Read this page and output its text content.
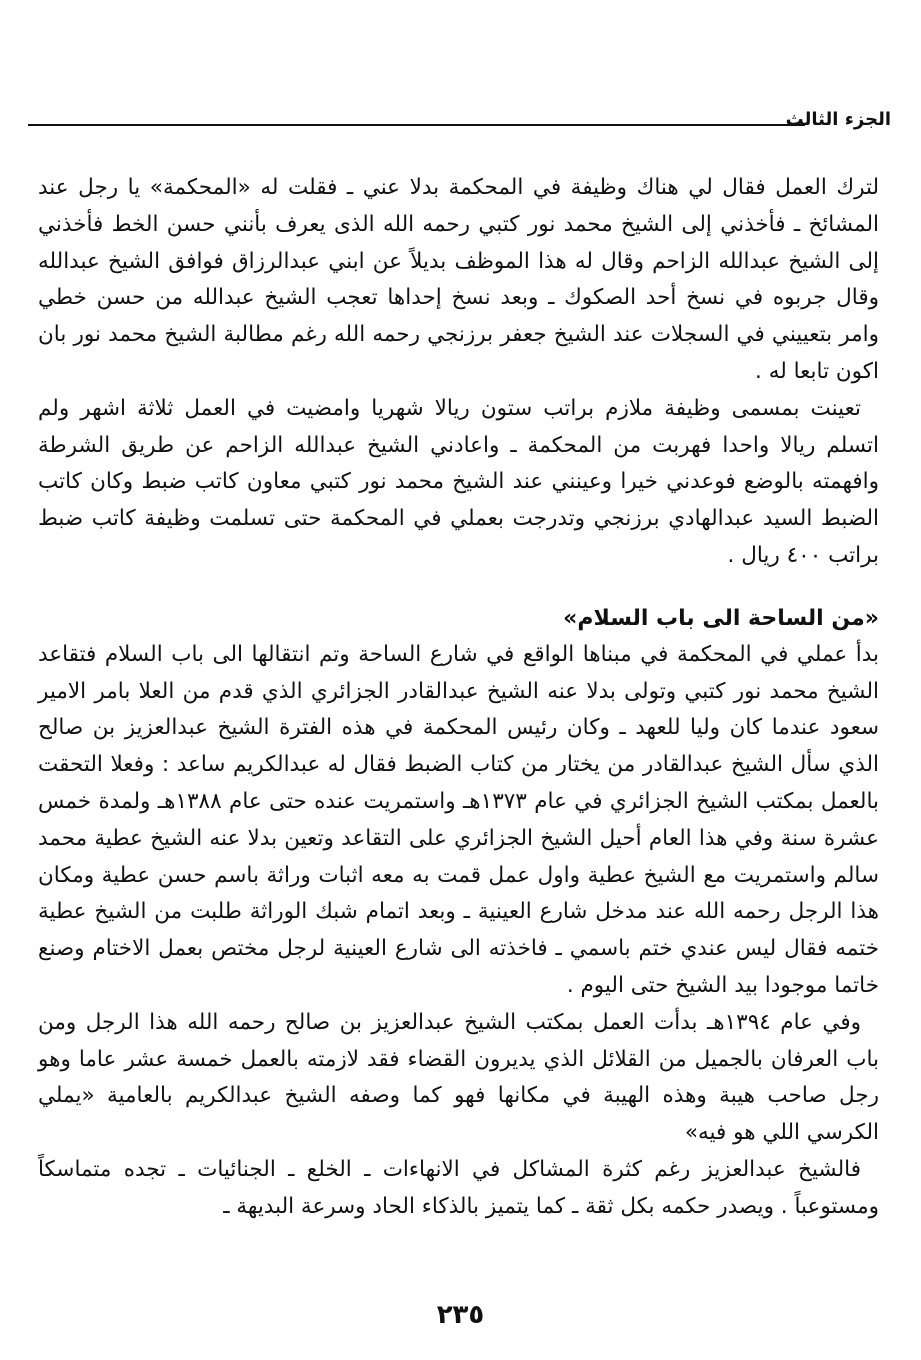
الجزء الثالث

لترك العمل فقال لي هناك وظيفة في المحكمة بدلا عني ـ فقلت له «المحكمة» يا رجل عند المشائخ ـ فأخذني إلى الشيخ محمد نور كتبي رحمه الله الذى يعرف بأنني حسن الخط فأخذني إلى الشيخ عبدالله الزاحم وقال له هذا الموظف بديلاً عن ابني عبدالرزاق فوافق الشيخ عبدالله وقال جربوه في نسخ أحد الصكوك ـ وبعد نسخ إحداها تعجب الشيخ عبدالله من حسن خطي وامر بتعييني في السجلات عند الشيخ جعفر برزنجي رحمه الله رغم مطالبة الشيخ محمد نور بان اكون تابعا له .

تعينت بمسمى وظيفة ملازم براتب ستون ريالا شهريا وامضيت في العمل ثلاثة اشهر ولم اتسلم ريالا واحدا فهربت من المحكمة ـ واعادني الشيخ عبدالله الزاحم عن طريق الشرطة وافهمته بالوضع فوعدني خيرا وعينني عند الشيخ محمد نور كتبي معاون كاتب ضبط وكان كاتب الضبط السيد عبدالهادي برزنجي وتدرجت بعملي في المحكمة حتى تسلمت وظيفة كاتب ضبط براتب ٤٠٠ ريال .

«من الساحة الى باب السلام»

بدأ عملي في المحكمة في مبناها الواقع في شارع الساحة وتم انتقالها الى باب السلام فتقاعد الشيخ محمد نور كتبي وتولى بدلا عنه الشيخ عبدالقادر الجزائري الذي قدم من العلا بامر الامير سعود عندما كان وليا للعهد ـ وكان رئيس المحكمة في هذه الفترة الشيخ عبدالعزيز بن صالح الذي سأل الشيخ عبدالقادر من يختار من كتاب الضبط فقال له عبدالكريم ساعد : وفعلا التحقت بالعمل بمكتب الشيخ الجزائري في عام ١٣٧٣هـ واستمريت عنده حتى عام ١٣٨٨هـ ولمدة خمس عشرة سنة وفي هذا العام أحيل الشيخ الجزائري على التقاعد وتعين بدلا عنه الشيخ عطية محمد سالم واستمريت مع الشيخ عطية واول عمل قمت به معه اثبات وراثة باسم حسن عطية ومكان هذا الرجل رحمه الله عند مدخل شارع العينية ـ وبعد اتمام شبك الوراثة طلبت من الشيخ عطية ختمه فقال ليس عندي ختم باسمي ـ فاخذته الى شارع العينية لرجل مختص بعمل الاختام وصنع خاتما موجودا بيد الشيخ حتى اليوم .

وفي عام ١٣٩٤هـ بدأت العمل بمكتب الشيخ عبدالعزيز بن صالح رحمه الله هذا الرجل ومن باب العرفان بالجميل من القلائل الذي يديرون القضاء فقد لازمته بالعمل خمسة عشر عاما وهو رجل صاحب هيبة وهذه الهيبة في مكانها فهو كما وصفه الشيخ عبدالكريم بالعامية «يملي الكرسي اللي هو فيه»

فالشيخ عبدالعزيز رغم كثرة المشاكل في الانهاءات ـ الخلع ـ الجنائيات ـ تجده متماسكاً ومستوعباً . ويصدر حكمه بكل ثقة ـ كما يتميز بالذكاء الحاد وسرعة البديهة ـ

٢٣٥
